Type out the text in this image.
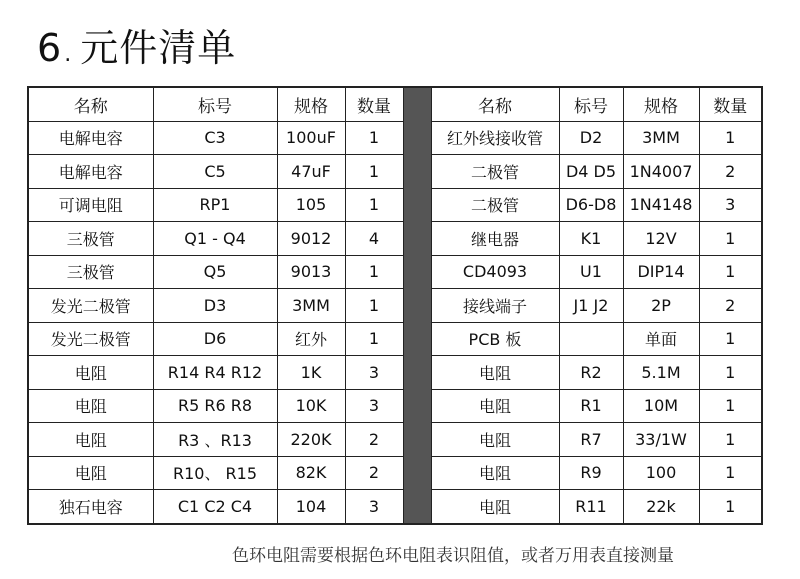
6. 元件清单
名称	标号	规格	数量		名称	标号	规格	数量
电解电容	C3	100uF	1		红外线接收管	D2	3MM	1
电解电容	C5	47uF	1		二极管	D4 D5	1N4007	2
可调电阻	RP1	105	1		二极管	D6-D8	1N4148	3
三极管	Q1 - Q4	9012	4		继电器	K1	12V	1
三极管	Q5	9013	1		CD4093	U1	DIP14	1
发光二极管	D3	3MM	1		接线端子	J1 J2	2P	2
发光二极管	D6	红外	1		PCB 板		单面	1
电阻	R14 R4 R12	1K	3		电阻	R2	5.1M	1
电阻	R5 R6 R8	10K	3		电阻	R1	10M	1
电阻	R3 、R13	220K	2		电阻	R7	33/1W	1
电阻	R10、 R15	82K	2		电阻	R9	100	1
独石电容	C1 C2 C4	104	3		电阻	R11	22k	1
色环电阻需要根据色环电阻表识阻值，或者万用表直接测量
